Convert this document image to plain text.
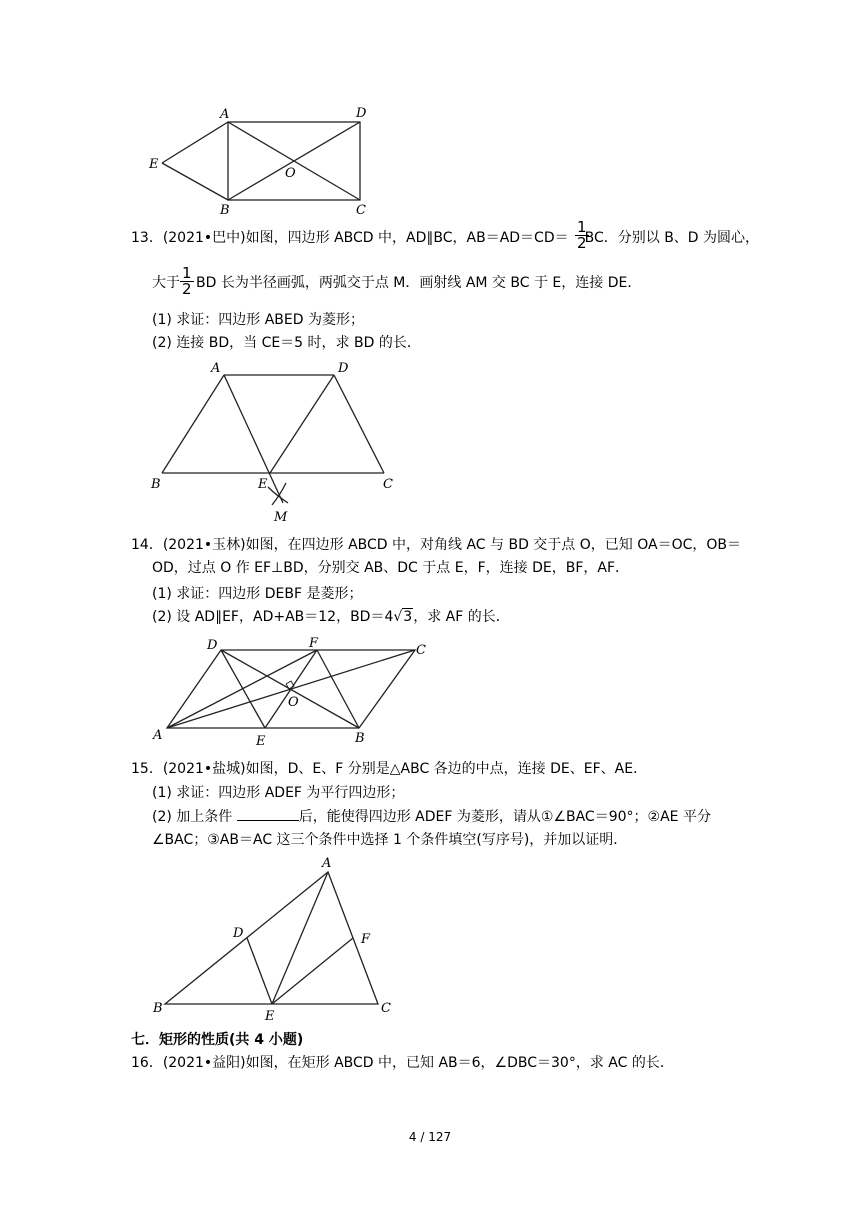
A	D
E
O
B	C
13．(2021•巴中)如图，四边形 ABCD 中，AD∥BC，AB＝AD＝CD＝ BC．分别以 B、D 为圆心，
$\frac{1}{2}$
大于 BD 长为半径画弧，两弧交于点 M．画射线 AM 交 BC 于 E，连接 DE．
$\frac{1}{2}$
(1) 求证：四边形 ABED 为菱形；
(2) 连接 BD，当 CE＝5 时，求 BD 的长．
A	D
B	E	C
M
14．(2021•玉林)如图，在四边形 ABCD 中，对角线 AC 与 BD 交于点 O，已知 OA＝OC，OB＝
OD，过点 O 作 EF⊥BD，分别交 AB、DC 于点 E，F，连接 DE，BF，AF．
(1) 求证：四边形 DEBF 是菱形；
(2) 设 AD∥EF，AD+AB＝12，BD＝4√3，求 AF 的长．
D	F	C
O
A	E	B
15．(2021•盐城)如图，D、E、F 分别是△ABC 各边的中点，连接 DE、EF、AE．
(1) 求证：四边形 ADEF 为平行四边形；
(2) 加上条件	后，能使得四边形 ADEF 为菱形，请从①∠BAC＝90°；②AE 平分
∠BAC；③AB＝AC 这三个条件中选择 1 个条件填空(写序号)，并加以证明．
A
D	F
B
E
C
七．矩形的性质(共 4 小题)
16．(2021•益阳)如图，在矩形 ABCD 中，已知 AB＝6，∠DBC＝30°，求 AC 的长．
4 / 127
